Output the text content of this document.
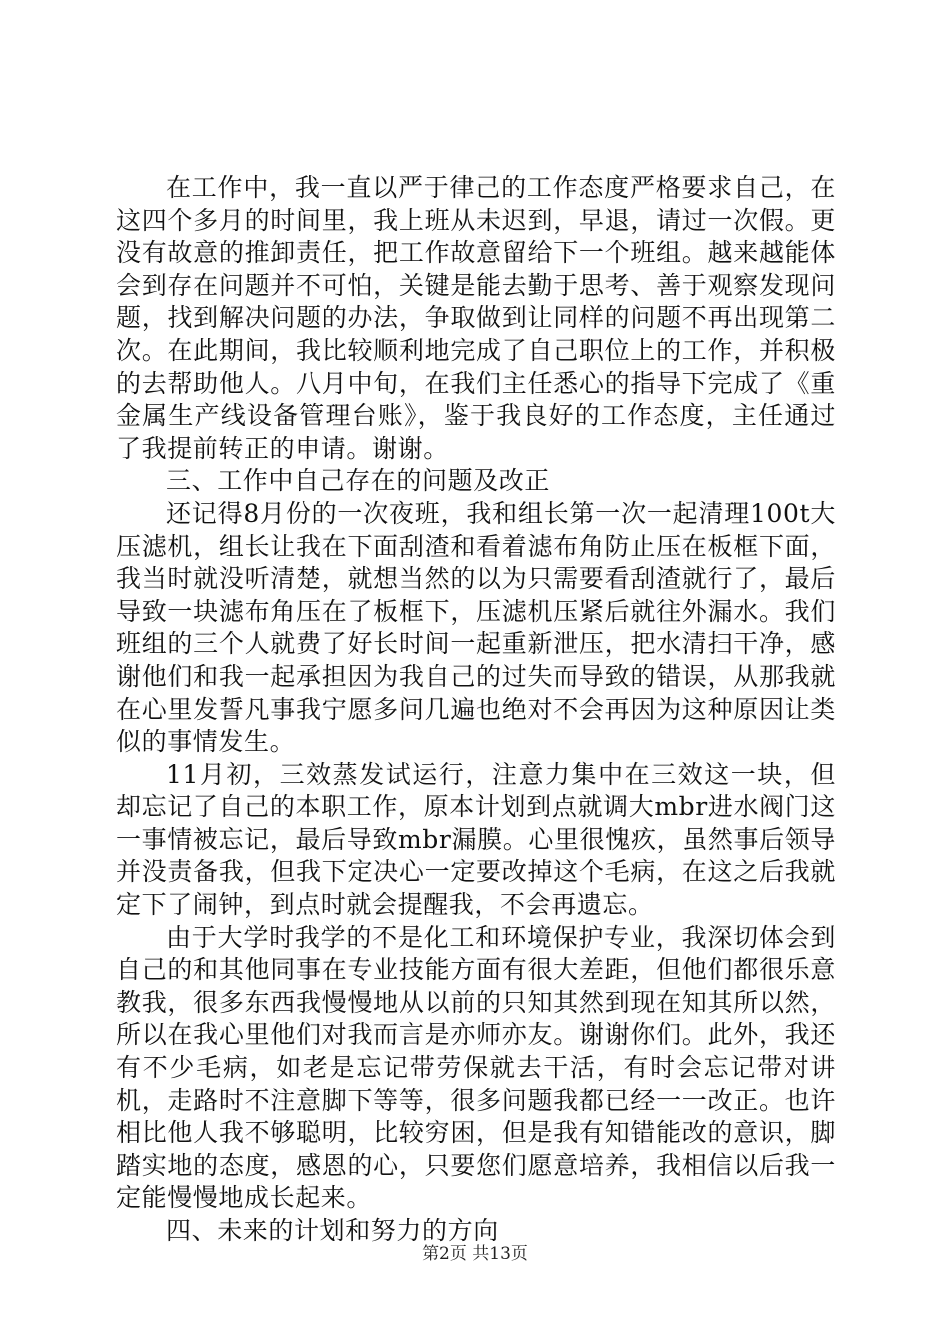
在工作中，我一直以严于律己的工作态度严格要求自己，在这四个多月的时间里，我上班从未迟到，早退，请过一次假。更没有故意的推卸责任，把工作故意留给下一个班组。越来越能体会到存在问题并不可怕，关键是能去勤于思考、善于观察发现问题，找到解决问题的办法，争取做到让同样的问题不再出现第二次。在此期间，我比较顺利地完成了自己职位上的工作，并积极的去帮助他人。八月中旬，在我们主任悉心的指导下完成了《重金属生产线设备管理台账》，鉴于我良好的工作态度，主任通过了我提前转正的申请。谢谢。

三、工作中自己存在的问题及改正

还记得8月份的一次夜班，我和组长第一次一起清理100t大压滤机，组长让我在下面刮渣和看着滤布角防止压在板框下面，我当时就没听清楚，就想当然的以为只需要看刮渣就行了，最后导致一块滤布角压在了板框下，压滤机压紧后就往外漏水。我们班组的三个人就费了好长时间一起重新泄压，把水清扫干净，感谢他们和我一起承担因为我自己的过失而导致的错误，从那我就在心里发誓凡事我宁愿多问几遍也绝对不会再因为这种原因让类似的事情发生。

11月初，三效蒸发试运行，注意力集中在三效这一块，但却忘记了自己的本职工作，原本计划到点就调大mbr进水阀门这一事情被忘记，最后导致mbr漏膜。心里很愧疚，虽然事后领导并没责备我，但我下定决心一定要改掉这个毛病，在这之后我就定下了闹钟，到点时就会提醒我，不会再遗忘。

由于大学时我学的不是化工和环境保护专业，我深切体会到自己的和其他同事在专业技能方面有很大差距，但他们都很乐意教我，很多东西我慢慢地从以前的只知其然到现在知其所以然，所以在我心里他们对我而言是亦师亦友。谢谢你们。此外，我还有不少毛病，如老是忘记带劳保就去干活，有时会忘记带对讲机，走路时不注意脚下等等，很多问题我都已经一一改正。也许相比他人我不够聪明，比较穷困，但是我有知错能改的意识，脚踏实地的态度，感恩的心，只要您们愿意培养，我相信以后我一定能慢慢地成长起来。

四、未来的计划和努力的方向

第2页 共13页
